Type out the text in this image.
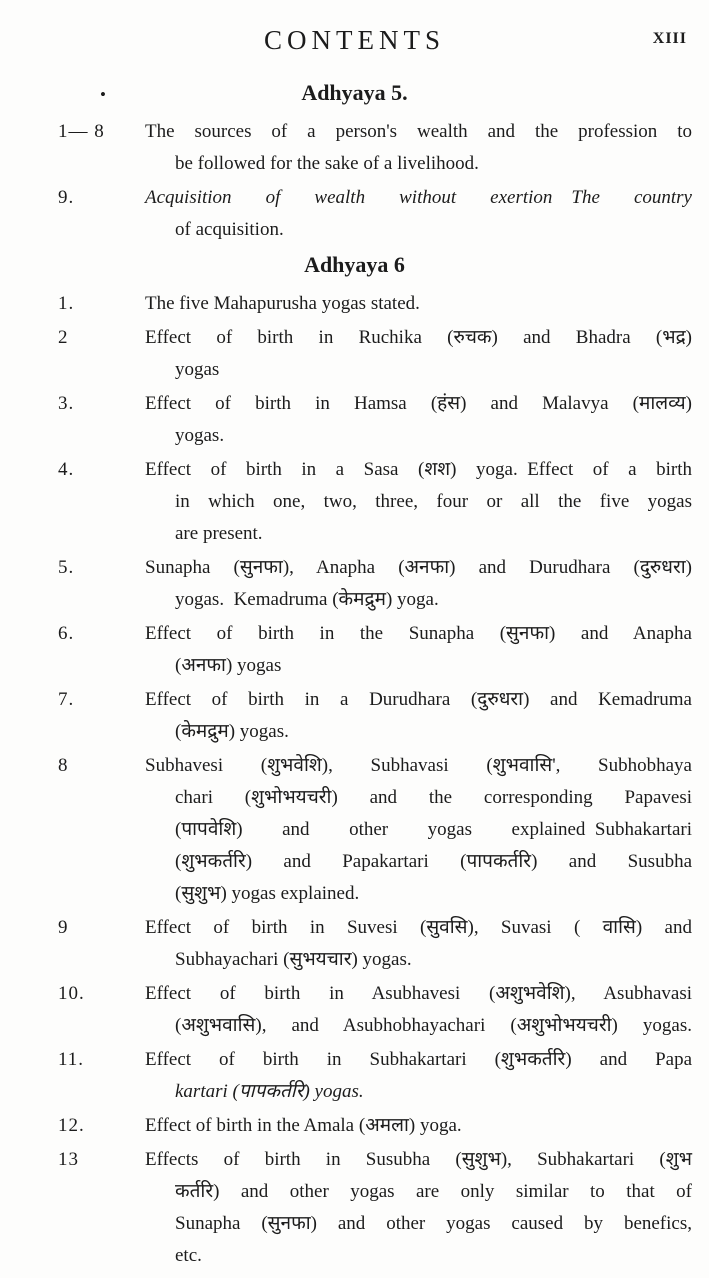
CONTENTS	XIII
•	Adhyaya 5.
1— 8	The sources of a person's wealth and the profession to
be followed for the sake of a livelihood.
9.	Acquisition of wealth without exertion The country
of acquisition.
Adhyaya 6
1.	The five Mahapurusha yogas stated.
2	Effect of birth in Ruchika (रुचक) and Bhadra (भद्र)
yogas
3.	Effect of birth in Hamsa (हंस) and Malavya (मालव्य)
yogas.
4.	Effect of birth in a Sasa (शश) yoga. Effect of a birth
in which one, two, three, four or all the five yogas
are present.
5.	Sunapha (सुनफा), Anapha (अनफा) and Durudhara (दुरुधरा)
yogas. Kemadruma (केमद्रुम) yoga.
6.	Effect of birth in the Sunapha (सुनफा) and Anapha
(अनफा) yogas
7.	Effect of birth in a Durudhara (दुरुधरा) and Kemadruma
(केमद्रुम) yogas.
8	Subhavesi (शुभवेशि), Subhavasi (शुभवासि', Subhobhaya
chari (शुभोभयचरी) and the corresponding Papavesi
(पापवेशि) and other yogas explained Subhakartari
(शुभकर्तरि) and Papakartari (पापकर्तरि) and Susubha
(सुशुभ) yogas explained.
9	Effect of birth in Suvesi (सुवसि), Suvasi ( वासि) and
Subhayachari (सुभयचार) yogas.
10.	Effect of birth in Asubhavesi (अशुभवेशि), Asubhavasi
(अशुभवासि), and Asubhobhayachari (अशुभोभयचरी) yogas.
11.	Effect of birth in Subhakartari (शुभकर्तरि) and Papa
kartari (पापकर्तरि) yogas.
12.	Effect of birth in the Amala (अमला) yoga.
13	Effects of birth in Susubha (सुशुभ), Subhakartari (शुभ
कर्तरि) and other yogas are only similar to that of
Sunapha (सुनफा) and other yogas caused by benefics,
etc.
